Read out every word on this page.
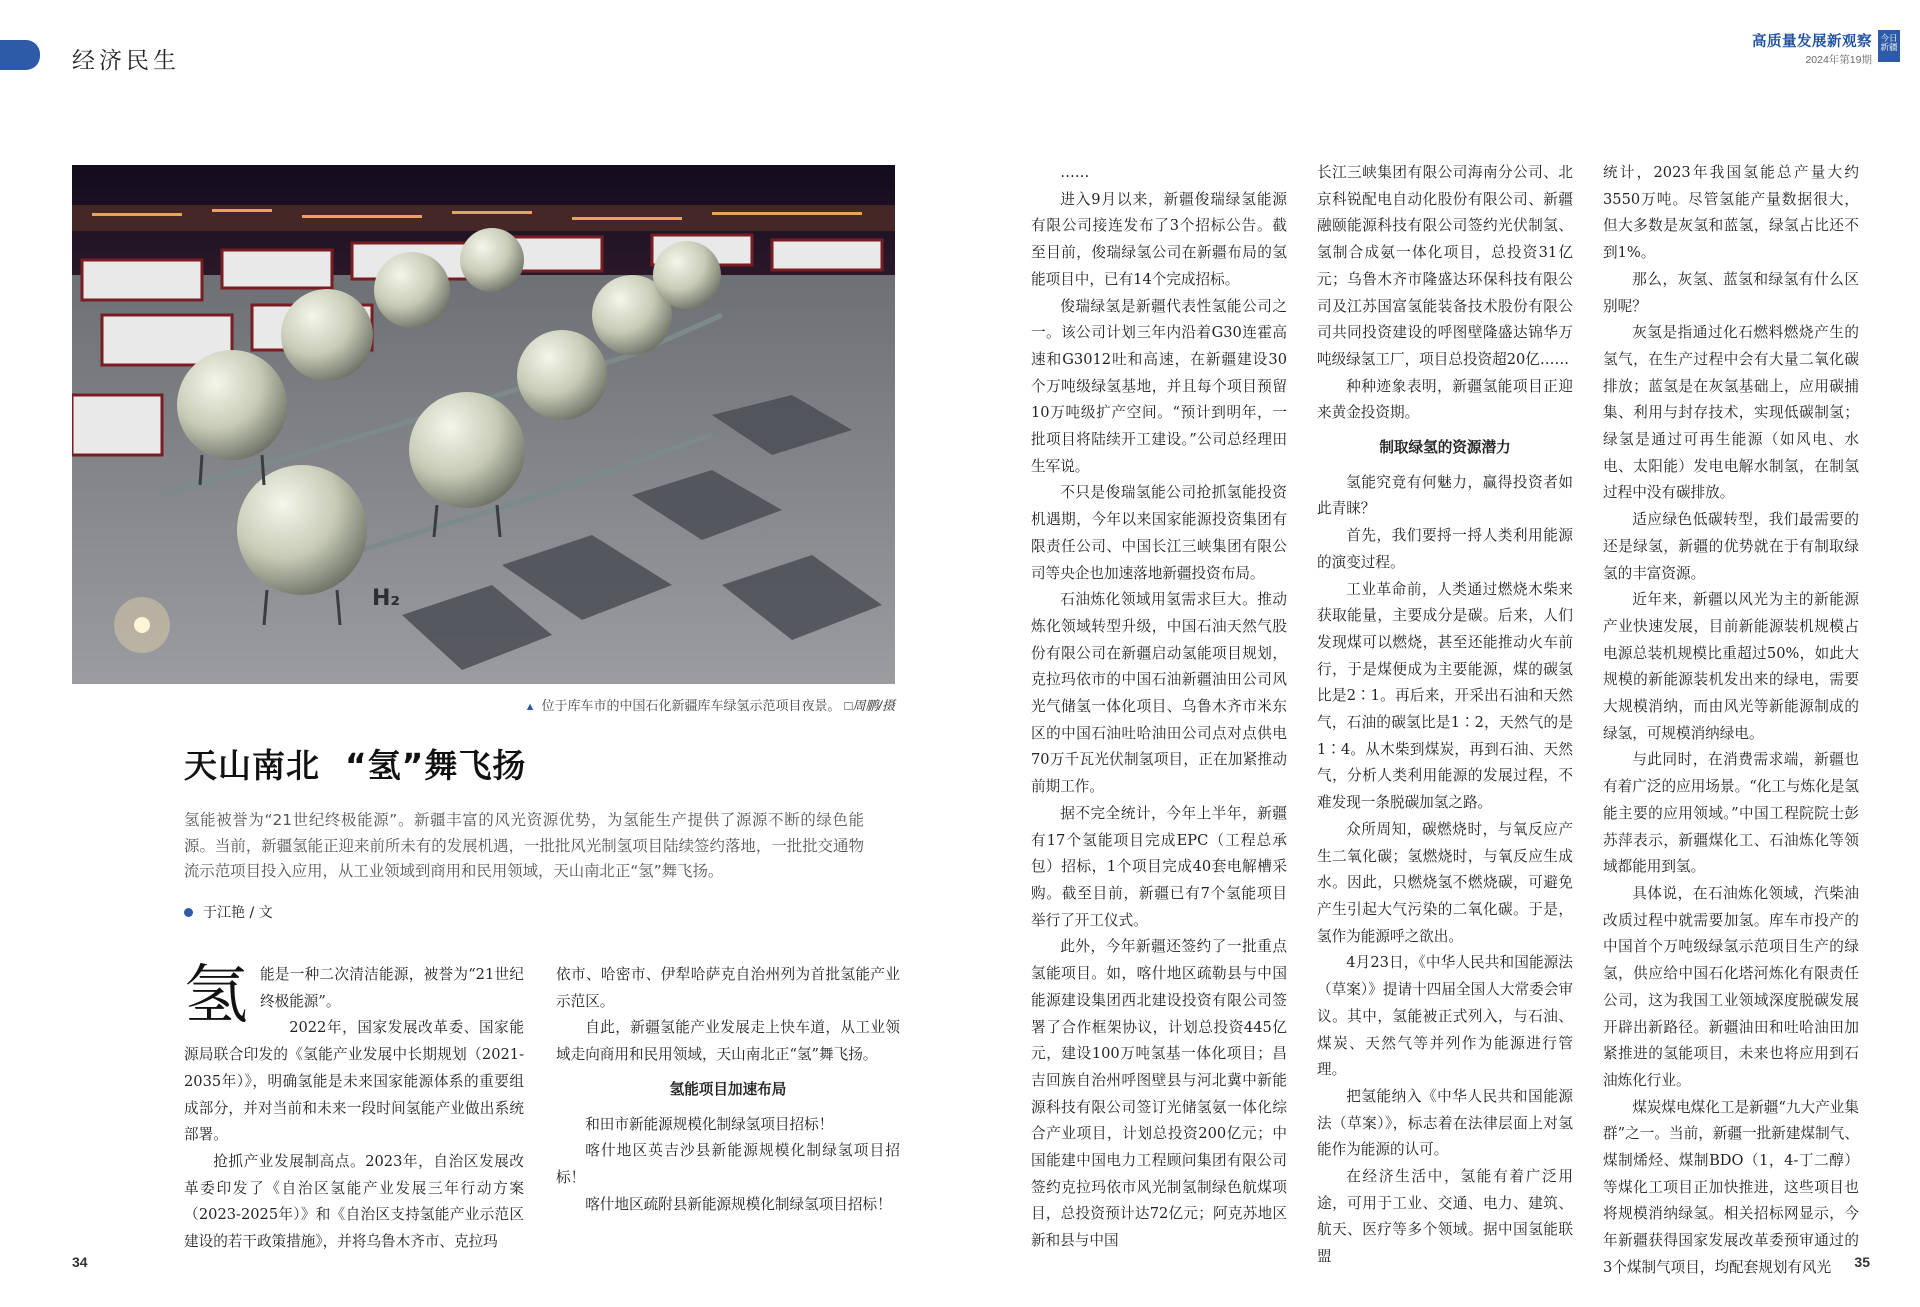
经济民生
高质量发展新观察
2024年第19期
今日新疆
H₂
▲ 位于库车市的中国石化新疆库车绿氢示范项目夜景。 □周鹏/摄
天山南北  “氢”舞飞扬
氢能被誉为“21世纪终极能源”。新疆丰富的风光资源优势，为氢能生产提供了源源不断的绿色能源。当前，新疆氢能正迎来前所未有的发展机遇，一批批风光制氢项目陆续签约落地，一批批交通物流示范项目投入应用，从工业领域到商用和民用领域，天山南北正“氢”舞飞扬。
于江艳 / 文
氢 能是一种二次清洁能源，被誉为“21世纪终极能源”。

2022年，国家发展改革委、国家能源局联合印发的《氢能产业发展中长期规划（2021-2035年）》，明确氢能是未来国家能源体系的重要组成部分，并对当前和未来一段时间氢能产业做出系统部署。

抢抓产业发展制高点。2023年，自治区发展改革委印发了《自治区氢能产业发展三年行动方案（2023-2025年）》和《自治区支持氢能产业示范区建设的若干政策措施》，并将乌鲁木齐市、克拉玛

依市、哈密市、伊犁哈萨克自治州列为首批氢能产业示范区。

自此，新疆氢能产业发展走上快车道，从工业领域走向商用和民用领域，天山南北正“氢”舞飞扬。

氢能项目加速布局

和田市新能源规模化制绿氢项目招标！

喀什地区英吉沙县新能源规模化制绿氢项目招标！

喀什地区疏附县新能源规模化制绿氢项目招标！

……

进入9月以来，新疆俊瑞绿氢能源有限公司接连发布了3个招标公告。截至目前，俊瑞绿氢公司在新疆布局的氢能项目中，已有14个完成招标。

俊瑞绿氢是新疆代表性氢能公司之一。该公司计划三年内沿着G30连霍高速和G3012吐和高速，在新疆建设30个万吨级绿氢基地，并且每个项目预留10万吨级扩产空间。“预计到明年，一批项目将陆续开工建设。”公司总经理田生军说。

不只是俊瑞氢能公司抢抓氢能投资机遇期，今年以来国家能源投资集团有限责任公司、中国长江三峡集团有限公司等央企也加速落地新疆投资布局。

石油炼化领域用氢需求巨大。推动炼化领域转型升级，中国石油天然气股份有限公司在新疆启动氢能项目规划，克拉玛依市的中国石油新疆油田公司风光气储氢一体化项目、乌鲁木齐市米东区的中国石油吐哈油田公司点对点供电70万千瓦光伏制氢项目，正在加紧推动前期工作。

据不完全统计，今年上半年，新疆有17个氢能项目完成EPC（工程总承包）招标，1个项目完成40套电解槽采购。截至目前，新疆已有7个氢能项目举行了开工仪式。

此外，今年新疆还签约了一批重点氢能项目。如，喀什地区疏勒县与中国能源建设集团西北建设投资有限公司签署了合作框架协议，计划总投资445亿元，建设100万吨氢基一体化项目；昌吉回族自治州呼图壁县与河北冀中新能源科技有限公司签订光储氢氨一体化综合产业项目，计划总投资200亿元；中国能建中国电力工程顾问集团有限公司签约克拉玛依市风光制氢制绿色航煤项目，总投资预计达72亿元；阿克苏地区新和县与中国

长江三峡集团有限公司海南分公司、北京科锐配电自动化股份有限公司、新疆融颐能源科技有限公司签约光伏制氢、氢制合成氨一体化项目，总投资31亿元；乌鲁木齐市隆盛达环保科技有限公司及江苏国富氢能装备技术股份有限公司共同投资建设的呼图壁隆盛达锦华万吨级绿氢工厂，项目总投资超20亿……

种种迹象表明，新疆氢能项目正迎来黄金投资期。

制取绿氢的资源潜力

氢能究竟有何魅力，赢得投资者如此青睐？

首先，我们要捋一捋人类利用能源的演变过程。

工业革命前，人类通过燃烧木柴来获取能量，主要成分是碳。后来，人们发现煤可以燃烧，甚至还能推动火车前行，于是煤便成为主要能源，煤的碳氢比是2∶1。再后来，开采出石油和天然气，石油的碳氢比是1∶2，天然气的是1∶4。从木柴到煤炭，再到石油、天然气，分析人类利用能源的发展过程，不难发现一条脱碳加氢之路。

众所周知，碳燃烧时，与氧反应产生二氧化碳；氢燃烧时，与氧反应生成水。因此，只燃烧氢不燃烧碳，可避免产生引起大气污染的二氧化碳。于是，氢作为能源呼之欲出。

4月23日，《中华人民共和国能源法（草案）》提请十四届全国人大常委会审议。其中，氢能被正式列入，与石油、煤炭、天然气等并列作为能源进行管理。

把氢能纳入《中华人民共和国能源法（草案）》，标志着在法律层面上对氢能作为能源的认可。

在经济生活中，氢能有着广泛用途，可用于工业、交通、电力、建筑、航天、医疗等多个领域。据中国氢能联盟

统计，2023年我国氢能总产量大约3550万吨。尽管氢能产量数据很大，但大多数是灰氢和蓝氢，绿氢占比还不到1%。

那么，灰氢、蓝氢和绿氢有什么区别呢？

灰氢是指通过化石燃料燃烧产生的氢气，在生产过程中会有大量二氧化碳排放；蓝氢是在灰氢基础上，应用碳捕集、利用与封存技术，实现低碳制氢；绿氢是通过可再生能源（如风电、水电、太阳能）发电电解水制氢，在制氢过程中没有碳排放。

适应绿色低碳转型，我们最需要的还是绿氢，新疆的优势就在于有制取绿氢的丰富资源。

近年来，新疆以风光为主的新能源产业快速发展，目前新能源装机规模占电源总装机规模比重超过50%，如此大规模的新能源装机发出来的绿电，需要大规模消纳，而由风光等新能源制成的绿氢，可规模消纳绿电。

与此同时，在消费需求端，新疆也有着广泛的应用场景。“化工与炼化是氢能主要的应用领域。”中国工程院院士彭苏萍表示，新疆煤化工、石油炼化等领域都能用到氢。

具体说，在石油炼化领域，汽柴油改质过程中就需要加氢。库车市投产的中国首个万吨级绿氢示范项目生产的绿氢，供应给中国石化塔河炼化有限责任公司，这为我国工业领域深度脱碳发展开辟出新路径。新疆油田和吐哈油田加紧推进的氢能项目，未来也将应用到石油炼化行业。

煤炭煤电煤化工是新疆“九大产业集群”之一。当前，新疆一批新建煤制气、煤制烯烃、煤制BDO（1，4-丁二醇）等煤化工项目正加快推进，这些项目也将规模消纳绿氢。相关招标网显示，今年新疆获得国家发展改革委预审通过的3个煤制气项目，均配套规划有风光

34	35
